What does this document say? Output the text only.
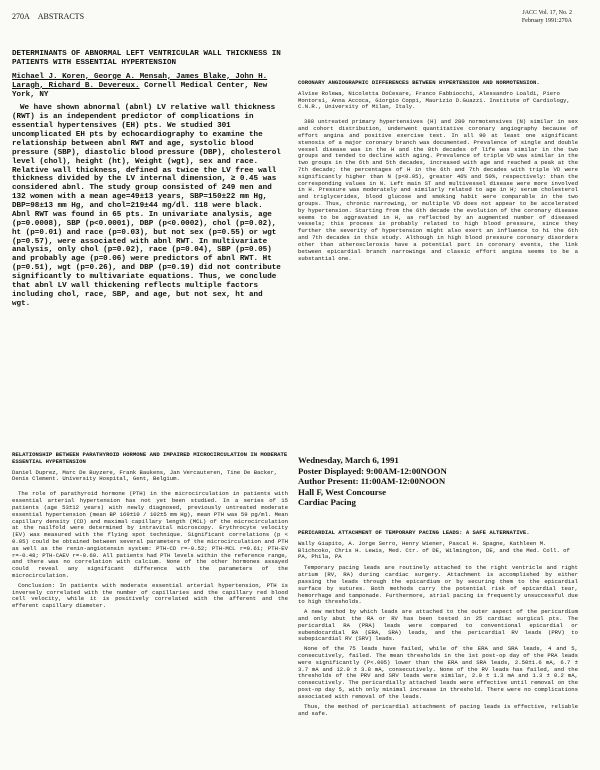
270A ABSTRACTS	JACC Vol. 17, No. 2
February 1991:270A

DETERMINANTS OF ABNORMAL LEFT VENTRICULAR WALL THICKNESS IN PATIENTS WITH ESSENTIAL HYPERTENSION

Michael J. Koren, George A. Mensah, James Blake, John H. Laragh, Richard B. Devereux. Cornell Medical Center, New York, NY

We have shown abnormal (abnl) LV relative wall thickness (RWT) is an independent predictor of complications in essential hypertensives (EH) pts. We studied 301 uncomplicated EH pts by echocardiography to examine the relationship between abnl RWT and age, systolic blood pressure (SBP), diastolic blood pressure (DBP), cholesterol level (chol), height (ht), Weight (wgt), sex and race. Relative wall thickness, defined as twice the LV free wall thickness divided by the LV internal dimension, ≥ 0.45 was considered abnl. The study group consisted of 249 men and 132 women with a mean age=49±13 years, SBP=150±22 mm Hg, DBP=98±13 mm Hg, and chol=219±44 mg/dl. 118 were black. Abnl RWT was found in 65 pts. In univariate analysis, age (p=0.0008), SBP (p<0.0001), DBP (p<0.0002), chol (p=0.02), ht (p=0.01) and race (p=0.03), but not sex (p=0.55) or wgt (p=0.57), were associated with abnl RWT. In multivariate analysis, only chol (p=0.02), race (p=0.04), SBP (p=0.05) and probably age (p=0.06) were predictors of abnl RWT. Ht (p=0.51), wgt (p=0.26), and DBP (p=0.19) did not contribute significantly to multivariate equations. Thus, we conclude that abnl LV wall thickening reflects multiple factors including chol, race, SBP, and age, but not sex, ht and wgt.

CORONARY ANGIOGRAPHIC DIFFERENCES BETWEEN HYPERTENSION AND NORMOTENSION.

Alvise Rolewa, Nicoletta DoCesare, Franco Fabbiocchi, Alessandro Loaldi, Piero Montorsi, Anna Accoca, Giorgio Coppi, Maurizio D.Guazzi. Institute of Cardiology, C.N.R., University of Milan, Italy.

388 untreated primary hypertensives (H) and 280 normotensives (N) similar in sex and cohort distribution, underwent quantitative coronary angiography because of effort angina and positive exercise test. In all 90 at least one significant stenosis of a major coronary branch was documented. Prevalence of single and double vessel disease was in the H and the 8th decades of life was similar in the two groups and tended to decline with aging. Prevalence of triple VD was similar in the two groups in the 6th and 5th decades, increased with age and reached a peak at the 7th decade; the percentages of H in the 6th and 7th decades with triple VD were significantly higher than N (p<0.05), greater 46% and 50%, respectively: than the corresponding values in N. Left main ST and multivessel disease were more involved in H. Pressure was moderately and similarly related to age in H; serum cholesterol and triglycerides, blood glucose and smoking habit were comparable in the two groups. Thus, chronic narrowing, or multiple VD does not appear to be accelerated by hypertension. Starting from the 6th decade the evolution of the coronary disease seems to be aggravated in H, as reflected by an augmented number of diseased vessels; this process is probably related to high blood pressure, since they further the severity of hypertension might also exert an influence to hi the 6th and 7th decades in this study. Although in high blood pressure coronary disorders other than atherosclerosis have a potential part in coronary events, the link between epicardial branch narrowings and classic effort angina seems to be a substantial one.

RELATIONSHIP BETWEEN PARATHYROID HORMONE AND IMPAIRED MICROCIRCULATION IN MODERATE ESSENTIAL HYPERTENSION

Daniel Duprez, Marc De Buyzere, Frank Baukens, Jan Vercauteren, Tine De Backer, Denis Clement. University Hospital, Gent, Belgium.

The role of parathyroid hormone (PTH) in the microcirculation in patients with essential arterial hypertension has not yet been studied. In a series of 15 patients (age 53±12 years) with newly diagnosed, previously untreated moderate essential hypertension (mean BP 169±10 / 102±5 mm Hg), mean PTH was 59 pg/ml. Mean capillary density (CD) and maximal capillary length (MCL) of the microcirculation at the nailfold were determined by intravital microscopy. Erythrocyte velocity (EV) was measured with the flying spot technique. Significant correlations (p < 0.05) could be obtained between several parameters of the microcirculation and PTH as well as the renin-angiotensin system: PTH-CD r=-0.52; PTH-MCL r=0.61; PTH-EV r=-0.48; PTH-CAEV r=-0.60. All patients had PTH levels within the reference range, and there was no correlation with calcium. None of the other hormones assayed could reveal any significant difference with the parameters of the microcirculation.

Conclusion: In patients with moderate essential arterial hypertension, PTH is inversely correlated with the number of capillaries and the capillary red blood cell velocity, while it is positively correlated with the afferent and the efferent capillary diameter.

Wednesday, March 6, 1991
Poster Displayed: 9:00AM-12:00NOON
Author Present: 11:00AM-12:00NOON
Hall F, West Concourse
Cardiac Pacing

PERICARDIAL ATTACHMENT OF TEMPORARY PACING LEADS: A SAFE ALTERNATIVE.

Wally Giapito, A. Jorge Serro, Henry Wiener, Pascal H. Spagne, Kathleen M. Blichcoko, Chris H. Lewis, Med. Ctr. of DE, Wilmington, DE, and the Med. Coll. of PA, Phila, PA

Temporary pacing leads are routinely attached to the right ventricle and right atrium (RV, RA) during cardiac surgery. Attachment is accomplished by either passing the leads through the epicardium or by securing them to the epicardial surface by sutures. Both methods carry the potential risk of epicardial tear, hemorrhage and tamponade. Furthermore, atrial pacing is frequently unsuccessful due to high thresholds.

A new method by which leads are attached to the outer aspect of the pericardium and only abut the RA or RV has been tested in 25 cardiac surgical pts. The pericardial RA (PRA) leads were compared to conventional epicardial or subendocardial RA (ERA, SRA) leads, and the pericardial RV leads (PRV) to subepicardial RV (SRV) leads.

None of the 75 leads have failed, while of the ERA and SRA leads, 4 and 5, consecutively, failed. The mean thresholds in the 1st post-op day of the PRA leads were significantly (P<.005) lower than the ERA and SRA leads, 2.50±1.6 mA, 6.7 ± 3.7 mA and 12.0 ± 3.8 mA, consecutively. None of the RV leads has failed, and the thresholds of the PRV and SRV leads were similar, 2.0 ± 1.3 mA and 1.3 ± 0.2 mA, consecutively. The pericardially attached leads were effective until removal on the post-op day 5, with only minimal increase in threshold. There were no complications associated with removal of the leads.

Thus, the method of pericardial attachment of pacing leads is effective, reliable and safe.
